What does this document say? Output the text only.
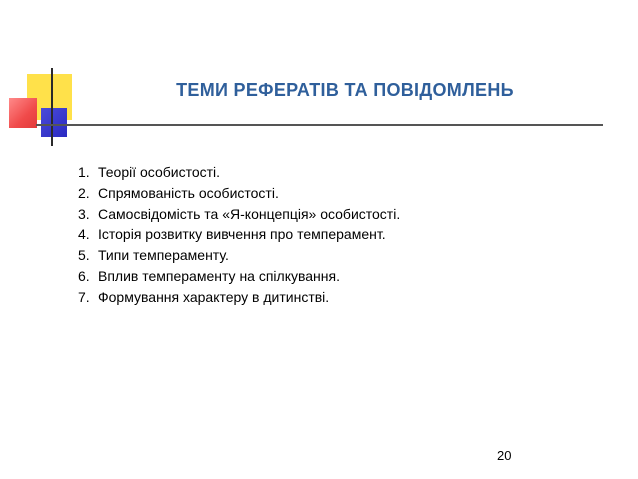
ТЕМИ РЕФЕРАТІВ ТА ПОВІДОМЛЕНЬ
1. Теорії особистості.
2. Спрямованість особистості.
3. Самосвідомість та «Я-концепція» особистості.
4. Історія розвитку вивчення про темперамент.
5. Типи темпераменту.
6. Вплив темпераменту на спілкування.
7. Формування характеру в дитинстві.
20
